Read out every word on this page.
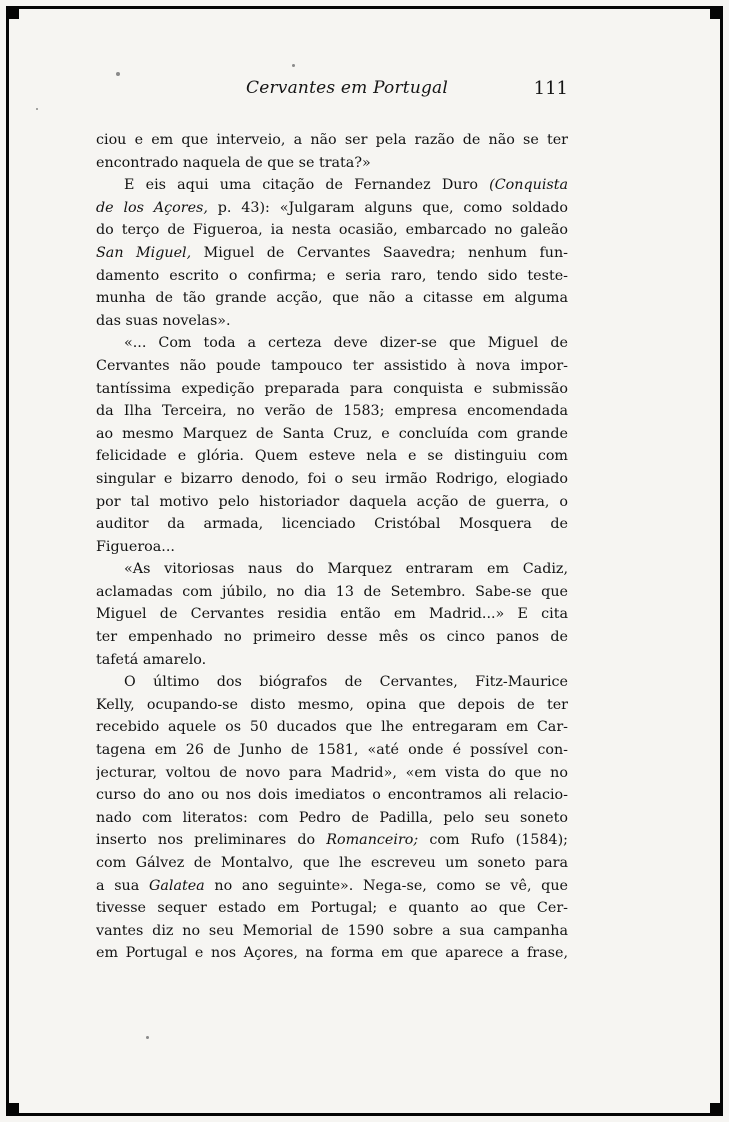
Cervantes em Portugal	111
ciou e em que interveio, a não ser pela razão de não se ter
encontrado naquela de que se trata?»
E eis aqui uma citação de Fernandez Duro (Conquista
de los Açores, p. 43): «Julgaram alguns que, como soldado
do terço de Figueroa, ia nesta ocasião, embarcado no galeão
San Miguel, Miguel de Cervantes Saavedra; nenhum fun-
damento escrito o confirma; e seria raro, tendo sido teste-
munha de tão grande acção, que não a citasse em alguma
das suas novelas».
«... Com toda a certeza deve dizer-se que Miguel de
Cervantes não poude tampouco ter assistido à nova impor-
tantíssima expedição preparada para conquista e submissão
da Ilha Terceira, no verão de 1583; empresa encomendada
ao mesmo Marquez de Santa Cruz, e concluída com grande
felicidade e glória. Quem esteve nela e se distinguiu com
singular e bizarro denodo, foi o seu irmão Rodrigo, elogiado
por tal motivo pelo historiador daquela acção de guerra, o
auditor da armada, licenciado Cristóbal Mosquera de
Figueroa...
«As vitoriosas naus do Marquez entraram em Cadiz,
aclamadas com júbilo, no dia 13 de Setembro. Sabe-se que
Miguel de Cervantes residia então em Madrid...» E cita
ter empenhado no primeiro desse mês os cinco panos de
tafetá amarelo.
O último dos biógrafos de Cervantes, Fitz-Maurice
Kelly, ocupando-se disto mesmo, opina que depois de ter
recebido aquele os 50 ducados que lhe entregaram em Car-
tagena em 26 de Junho de 1581, «até onde é possível con-
jecturar, voltou de novo para Madrid», «em vista do que no
curso do ano ou nos dois imediatos o encontramos ali relacio-
nado com literatos: com Pedro de Padilla, pelo seu soneto
inserto nos preliminares do Romanceiro; com Rufo (1584);
com Gálvez de Montalvo, que lhe escreveu um soneto para
a sua Galatea no ano seguinte». Nega-se, como se vê, que
tivesse sequer estado em Portugal; e quanto ao que Cer-
vantes diz no seu Memorial de 1590 sobre a sua campanha
em Portugal e nos Açores, na forma em que aparece a frase,
